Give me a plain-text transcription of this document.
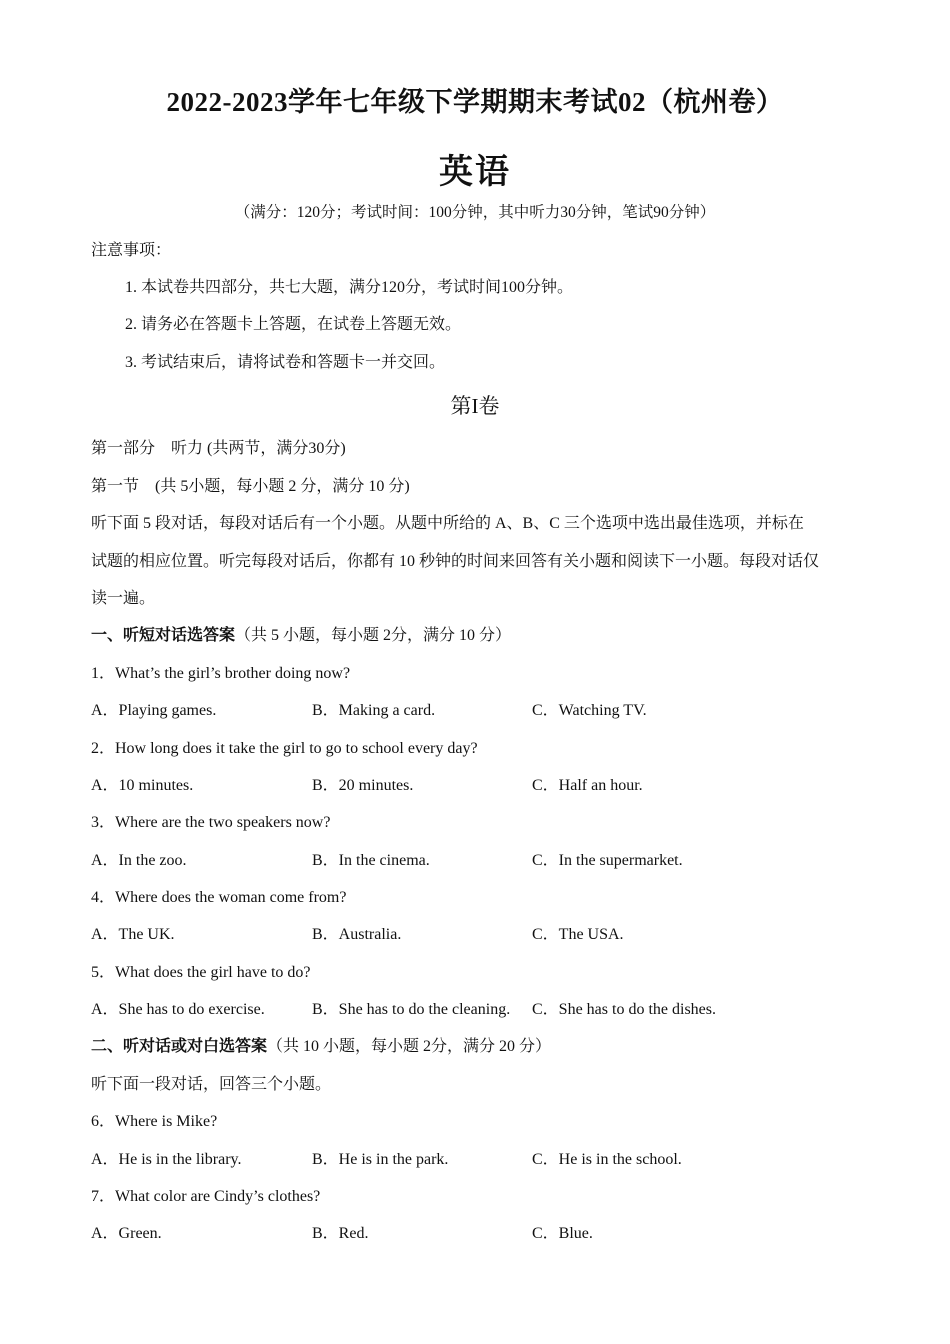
2022-2023学年七年级下学期期末考试02（杭州卷）
英语
（满分：120分；考试时间：100分钟，其中听力30分钟，笔试90分钟）
注意事项：
1. 本试卷共四部分，共七大题，满分120分，考试时间100分钟。
2. 请务必在答题卡上答题，在试卷上答题无效。
3. 考试结束后，请将试卷和答题卡一并交回。
第I卷
第一部分　听力 (共两节，满分30分)
第一节　(共 5小题，每小题 2 分，满分 10 分)
听下面 5 段对话，每段对话后有一个小题。从题中所给的 A、B、C 三个选项中选出最佳选项，并标在
试题的相应位置。听完每段对话后，你都有 10 秒钟的时间来回答有关小题和阅读下一小题。每段对话仅
读一遍。
一、听短对话选答案（共 5 小题，每小题 2分，满分 10 分）
1．What’s the girl’s brother doing now?
A．Playing games.	B．Making a card.	C．Watching TV.
2．How long does it take the girl to go to school every day?
A．10 minutes.	B．20 minutes.	C．Half an hour.
3．Where are the two speakers now?
A．In the zoo.	B．In the cinema.	C．In the supermarket.
4．Where does the woman come from?
A．The UK.	B．Australia.	C．The USA.
5．What does the girl have to do?
A．She has to do exercise.	B．She has to do the cleaning. C．She has to do the dishes.
二、听对话或对白选答案（共 10 小题，每小题 2分，满分 20 分）
听下面一段对话，回答三个小题。
6．Where is Mike?
A．He is in the library.	B．He is in the park.	C．He is in the school.
7．What color are Cindy’s clothes?
A．Green.	B．Red.	C．Blue.
